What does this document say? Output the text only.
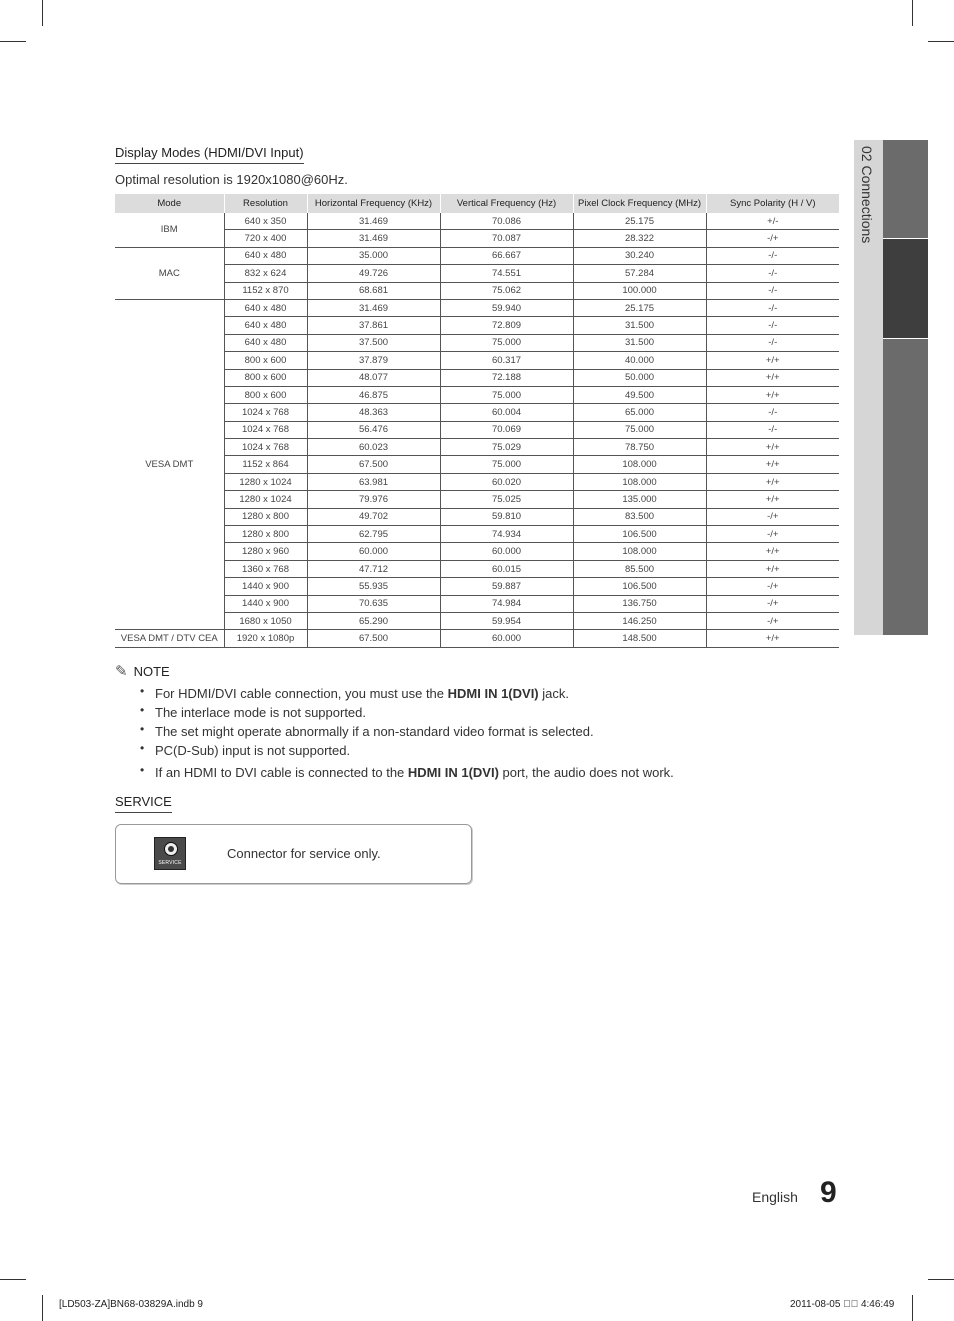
02 Connections
Display Modes (HDMI/DVI Input)
Optimal resolution is 1920x1080@60Hz.
Mode	Resolution	Horizontal Frequency (KHz)	Vertical Frequency (Hz)	Pixel Clock Frequency (MHz)	Sync Polarity (H / V)
IBM	640 x 350	31.469	70.086	25.175	+/-
	720 x 400	31.469	70.087	28.322	-/+
MAC	640 x 480	35.000	66.667	30.240	-/-
	832 x 624	49.726	74.551	57.284	-/-
	1152 x 870	68.681	75.062	100.000	-/-
VESA DMT	640 x 480	31.469	59.940	25.175	-/-
	640 x 480	37.861	72.809	31.500	-/-
	640 x 480	37.500	75.000	31.500	-/-
	800 x 600	37.879	60.317	40.000	+/+
	800 x 600	48.077	72.188	50.000	+/+
	800 x 600	46.875	75.000	49.500	+/+
	1024 x 768	48.363	60.004	65.000	-/-
	1024 x 768	56.476	70.069	75.000	-/-
	1024 x 768	60.023	75.029	78.750	+/+
	1152 x 864	67.500	75.000	108.000	+/+
	1280 x 1024	63.981	60.020	108.000	+/+
	1280 x 1024	79.976	75.025	135.000	+/+
	1280 x 800	49.702	59.810	83.500	-/+
	1280 x 800	62.795	74.934	106.500	-/+
	1280 x 960	60.000	60.000	108.000	+/+
	1360 x 768	47.712	60.015	85.500	+/+
	1440 x 900	55.935	59.887	106.500	-/+
	1440 x 900	70.635	74.984	136.750	-/+
	1680 x 1050	65.290	59.954	146.250	-/+
VESA DMT / DTV CEA	1920 x 1080p	67.500	60.000	148.500	+/+
✎ NOTE
• For HDMI/DVI cable connection, you must use the HDMI IN 1(DVI) jack.
• The interlace mode is not supported.
• The set might operate abnormally if a non-standard video format is selected.
• PC(D-Sub) input is not supported.
• If an HDMI to DVI cable is connected to the HDMI IN 1(DVI) port, the audio does not work.
SERVICE
SERVICE
Connector for service only.
English 9
[LD503-ZA]BN68-03829A.indb 9	2011-08-05 ￿￿ 4:46:49
